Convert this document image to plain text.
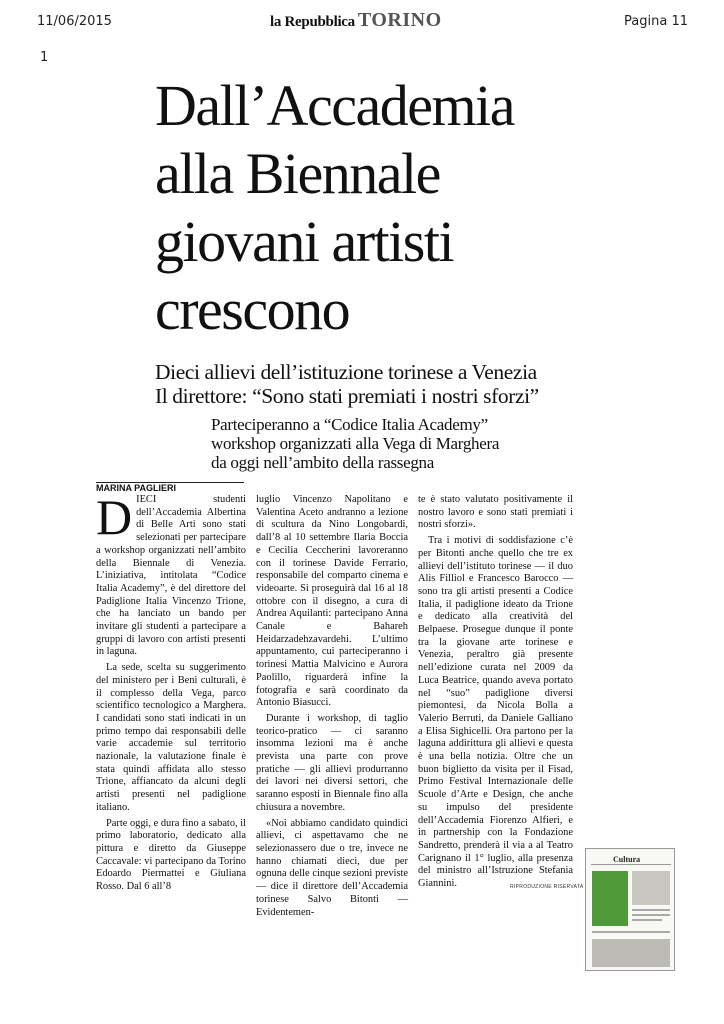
11/06/2015	la Repubblica TORINO	Pagina 11
1
Dall’Accademia
alla Biennale
giovani artisti
crescono
Dieci allievi dell’istituzione torinese a Venezia
Il direttore: “Sono stati premiati i nostri sforzi”
Parteciperanno a “Codice Italia Academy”
workshop organizzati alla Vega di Marghera
da oggi nell’ambito della rassegna
MARINA PAGLIERI
D IECI studenti dell’Accademia Albertina di Belle Arti sono stati selezionati per partecipare a workshop organizzati nell’ambito della Biennale di Venezia. L’iniziativa, intitolata “Codice Italia Academy”, è del direttore del Padiglione Italia Vincenzo Trione, che ha lanciato un bando per invitare gli studenti a partecipare a gruppi di lavoro con artisti presenti in laguna.

La sede, scelta su suggerimento del ministero per i Beni culturali, è il complesso della Vega, parco scientifico tecnologico a Marghera. I candidati sono stati indicati in un primo tempo dai responsabili delle varie accademie sul territorio nazionale, la valutazione finale è stata quindi affidata allo stesso Trione, affiancato da alcuni degli artisti presenti nel padiglione italiano.

Parte oggi, e dura fino a sabato, il primo laboratorio, dedicato alla pittura e diretto da Giuseppe Caccavale: vi partecipano da Torino Edoardo Piermattei e Giuliana Rosso. Dal 6 all’8

luglio Vincenzo Napolitano e Valentina Aceto andranno a lezione di scultura da Nino Longobardi, dall’8 al 10 settembre Ilaria Boccia e Cecilia Ceccherini lavoreranno con il torinese Davide Ferrario, responsabile del comparto cinema e videoarte. Si proseguirà dal 16 al 18 ottobre con il disegno, a cura di Andrea Aquilanti: partecipano Anna Canale e Bahareh Heidarzadehzavardehi. L’ultimo appuntamento, cui parteciperanno i torinesi Mattia Malvicino e Aurora Paolillo, riguarderà infine la fotografia e sarà coordinato da Antonio Biasucci.

Durante i workshop, di taglio teorico-pratico — ci saranno insomma lezioni ma è anche prevista una parte con prove pratiche — gli allievi produrranno dei lavori nei diversi settori, che saranno esposti in Biennale fino alla chiusura a novembre.

«Noi abbiamo candidato quindici allievi, ci aspettavamo che ne selezionassero due o tre, invece ne hanno chiamati dieci, due per ognuna delle cinque sezioni previste — dice il direttore dell’Accademia torinese Salvo Bitonti — Evidentemen-

te è stato valutato positivamente il nostro lavoro e sono stati premiati i nostri sforzi».

Tra i motivi di soddisfazione c’è per Bitonti anche quello che tre ex allievi dell’istituto torinese — il duo Alis Filliol e Francesco Barocco — sono tra gli artisti presenti a Codice Italia, il padiglione ideato da Trione e dedicato alla creatività del Belpaese. Prosegue dunque il ponte tra la giovane arte torinese e Venezia, peraltro già presente nell’edizione curata nel 2009 da Luca Beatrice, quando aveva portato nel “suo” padiglione diversi piemontesi, da Nicola Bolla a Valerio Berruti, da Daniele Galliano a Elisa Sighicelli. Ora partono per la laguna addirittura gli allievi e questa è una bella notizia. Oltre che un buon biglietto da visita per il Fisad, Primo Festival Internazionale delle Scuole d’Arte e Design, che anche su impulso del presidente dell’Accademia Fiorenzo Alfieri, e in partnership con la Fondazione Sandretto, prenderà il via a al Teatro Carignano il 1° luglio, alla presenza del ministro all’Istruzione Stefania Giannini.	RIPRODUZIONE RISERVATA
Cultura
